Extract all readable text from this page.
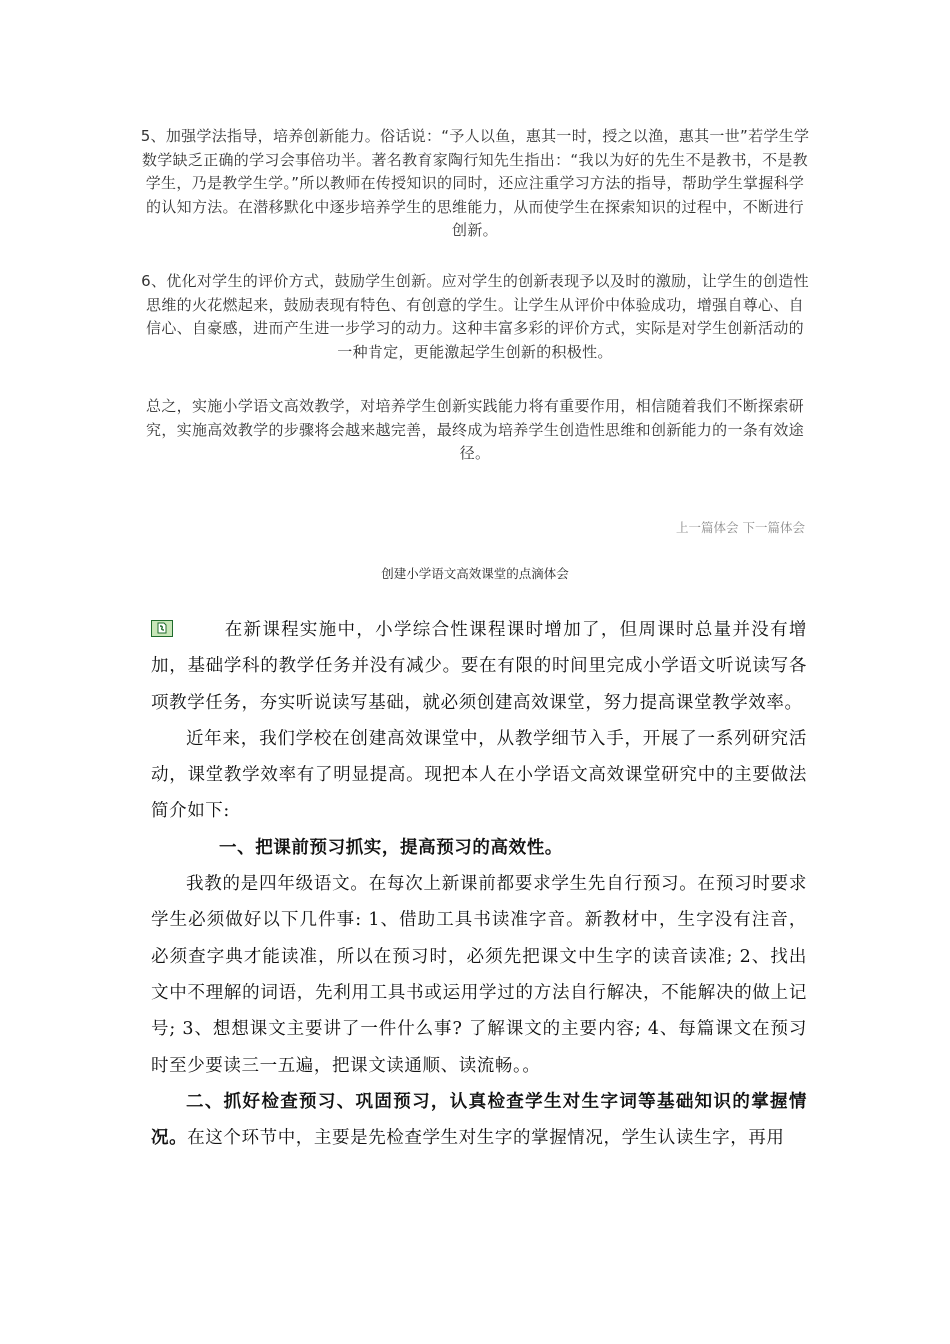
5、加强学法指导，培养创新能力。俗话说：“予人以鱼，惠其一时，授之以渔，惠其一世”若学生学数学缺乏正确的学习会事倍功半。著名教育家陶行知先生指出：“我以为好的先生不是教书，不是教学生，乃是教学生学。”所以教师在传授知识的同时，还应注重学习方法的指导，帮助学生掌握科学的认知方法。在潜移默化中逐步培养学生的思维能力，从而使学生在探索知识的过程中，不断进行创新。
6、优化对学生的评价方式，鼓励学生创新。应对学生的创新表现予以及时的激励，让学生的创造性思维的火花燃起来，鼓励表现有特色、有创意的学生。让学生从评价中体验成功，增强自尊心、自信心、自豪感，进而产生进一步学习的动力。这种丰富多彩的评价方式，实际是对学生创新活动的一种肯定，更能激起学生创新的积极性。
总之，实施小学语文高效教学，对培养学生创新实践能力将有重要作用，相信随着我们不断探索研究，实施高效教学的步骤将会越来越完善，最终成为培养学生创造性思维和创新能力的一条有效途径。
上一篇体会 下一篇体会
创建小学语文高效课堂的点滴体会

在新课程实施中，小学综合性课程课时增加了，但周课时总量并没有增加，基础学科的教学任务并没有减少。要在有限的时间里完成小学语文听说读写各项教学任务，夯实听说读写基础，就必须创建高效课堂，努力提高课堂教学效率。

近年来，我们学校在创建高效课堂中，从教学细节入手，开展了一系列研究活动，课堂教学效率有了明显提高。现把本人在小学语文高效课堂研究中的主要做法简介如下:

一、把课前预习抓实，提高预习的高效性。

我教的是四年级语文。在每次上新课前都要求学生先自行预习。在预习时要求学生必须做好以下几件事: 1、借助工具书读准字音。新教材中，生字没有注音，必须查字典才能读准，所以在预习时，必须先把课文中生字的读音读准; 2、找出文中不理解的词语，先利用工具书或运用学过的方法自行解决，不能解决的做上记号; 3、想想课文主要讲了一件什么事? 了解课文的主要内容; 4、每篇课文在预习时至少要读三一五遍，把课文读通顺、读流畅。。

二、抓好检查预习、巩固预习，认真检查学生对生字词等基础知识的掌握情况。在这个环节中，主要是先检查学生对生字的掌握情况，学生认读生字，再用
